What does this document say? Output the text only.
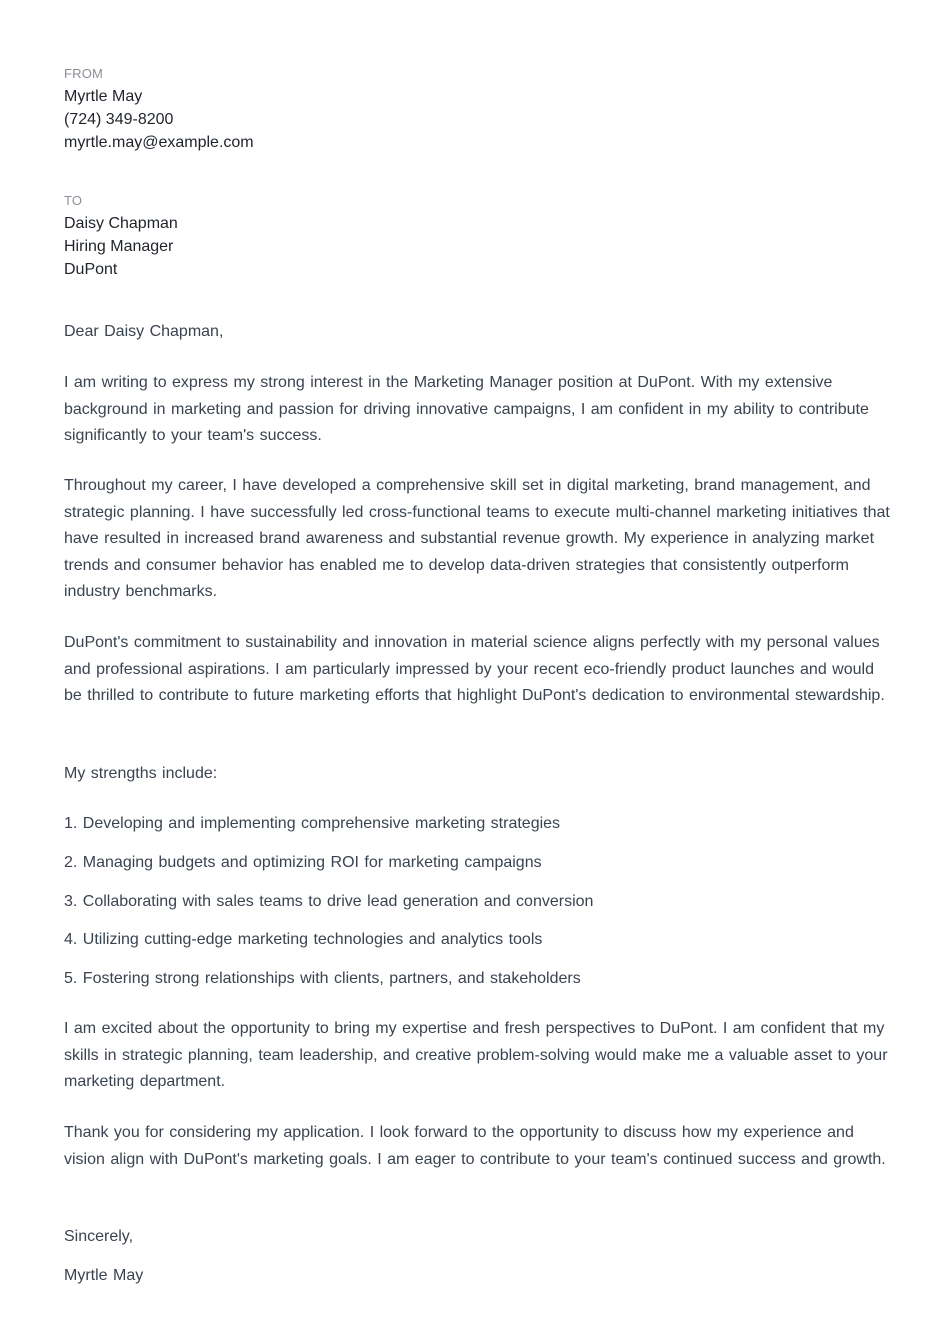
FROM
Myrtle May
(724) 349-8200
myrtle.may@example.com
TO
Daisy Chapman
Hiring Manager
DuPont

Dear Daisy Chapman,

I am writing to express my strong interest in the Marketing Manager position at DuPont. With my extensive background in marketing and passion for driving innovative campaigns, I am confident in my ability to contribute significantly to your team's success.

Throughout my career, I have developed a comprehensive skill set in digital marketing, brand management, and strategic planning. I have successfully led cross-functional teams to execute multi-channel marketing initiatives that have resulted in increased brand awareness and substantial revenue growth. My experience in analyzing market trends and consumer behavior has enabled me to develop data-driven strategies that consistently outperform industry benchmarks.

DuPont's commitment to sustainability and innovation in material science aligns perfectly with my personal values and professional aspirations. I am particularly impressed by your recent eco-friendly product launches and would be thrilled to contribute to future marketing efforts that highlight DuPont's dedication to environmental stewardship.

My strengths include:

1. Developing and implementing comprehensive marketing strategies

2. Managing budgets and optimizing ROI for marketing campaigns

3. Collaborating with sales teams to drive lead generation and conversion

4. Utilizing cutting-edge marketing technologies and analytics tools

5. Fostering strong relationships with clients, partners, and stakeholders

I am excited about the opportunity to bring my expertise and fresh perspectives to DuPont. I am confident that my skills in strategic planning, team leadership, and creative problem-solving would make me a valuable asset to your marketing department.

Thank you for considering my application. I look forward to the opportunity to discuss how my experience and vision align with DuPont's marketing goals. I am eager to contribute to your team's continued success and growth.

Sincerely,

Myrtle May
